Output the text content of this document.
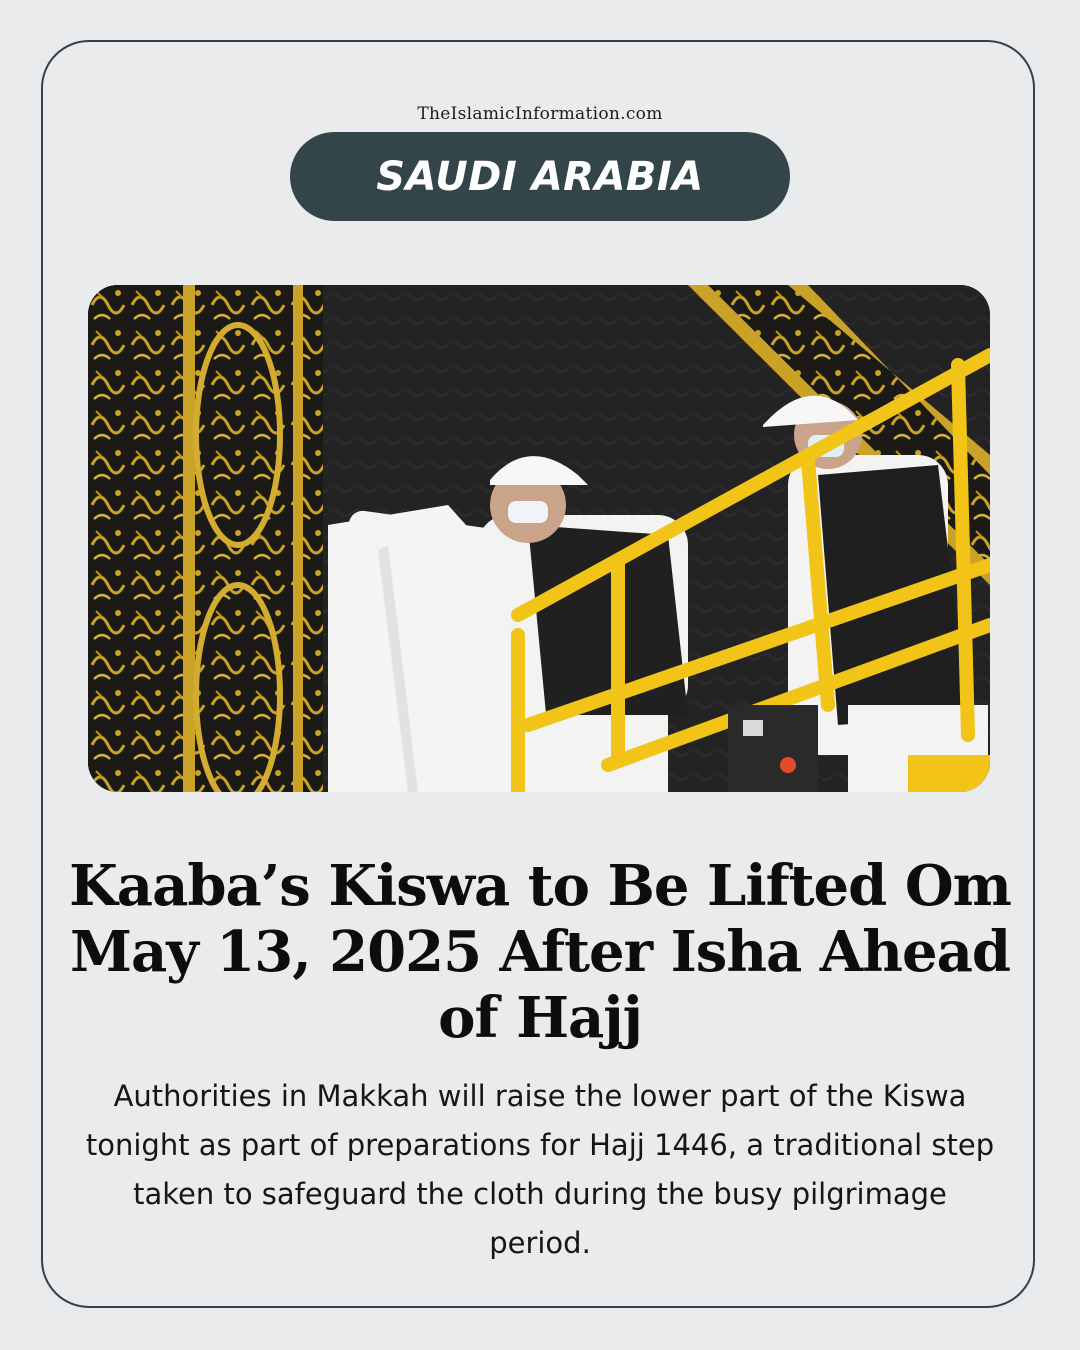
TheIslamicInformation.com
SAUDI ARABIA
Kaaba’s Kiswa to Be Lifted Om May 13, 2025 After Isha Ahead of Hajj

Authorities in Makkah will raise the lower part of the Kiswa tonight as part of preparations for Hajj 1446, a traditional step taken to safeguard the cloth during the busy pilgrimage period.
